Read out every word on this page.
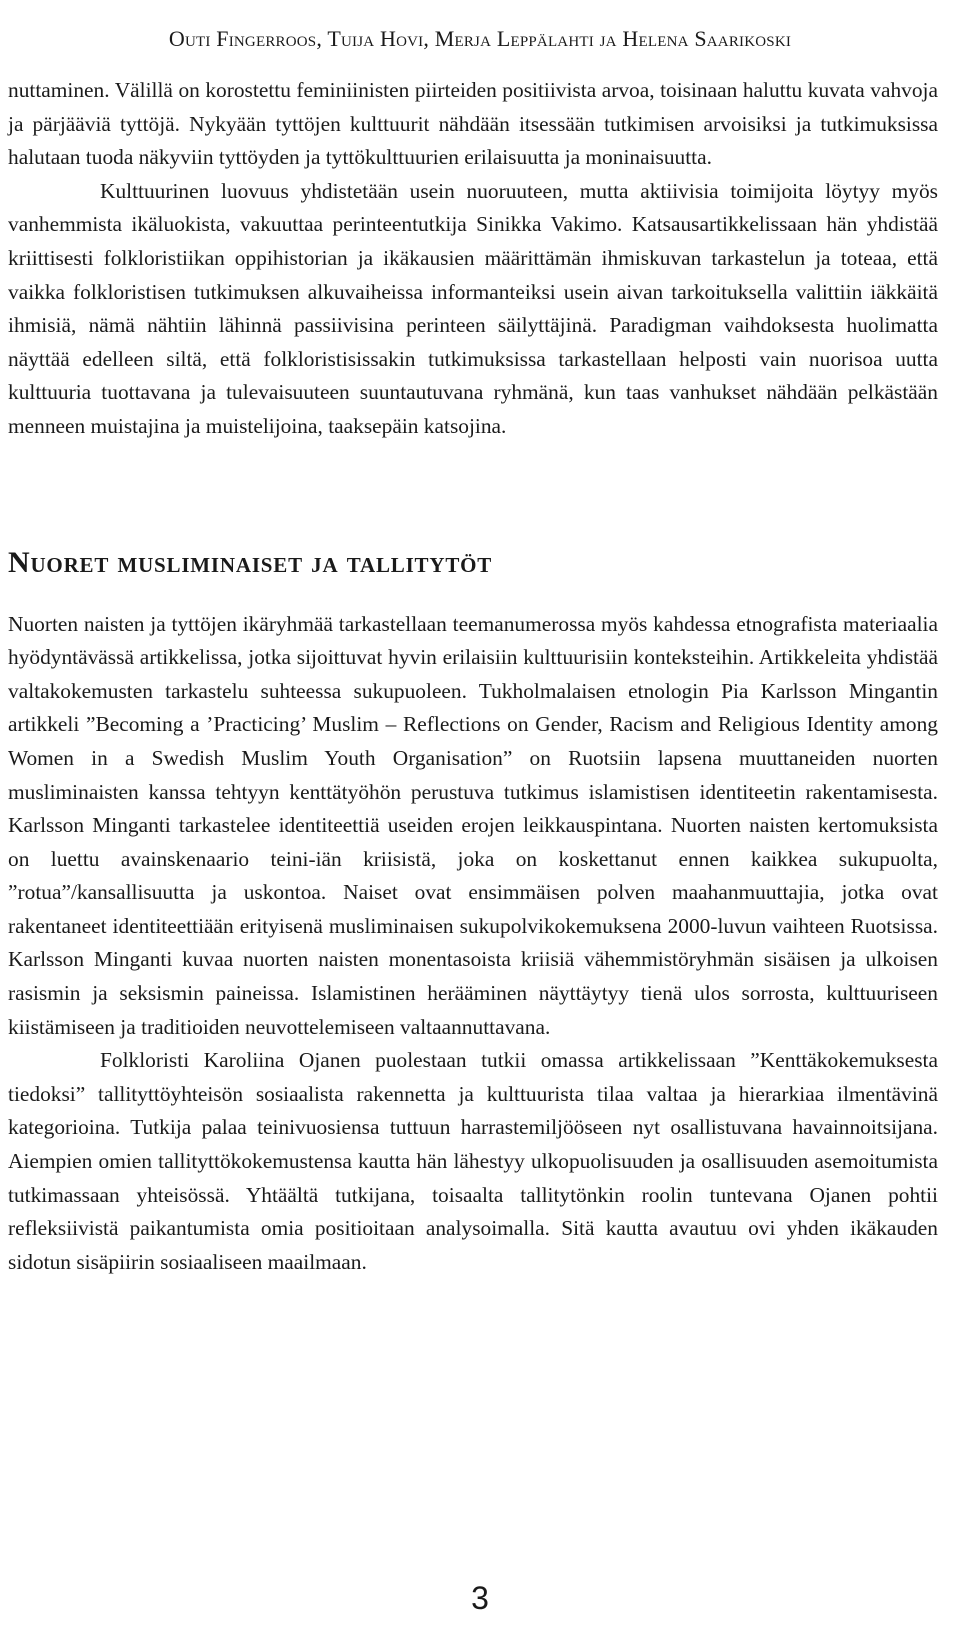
Outi Fingerroos, Tuija Hovi, Merja Leppälahti ja Helena Saarikoski

nuttaminen. Välillä on korostettu feminiinisten piirteiden positiivista arvoa, toisinaan haluttu kuvata vahvoja ja pärjääviä tyttöjä. Nykyään tyttöjen kulttuurit nähdään itsessään tutkimisen arvoisiksi ja tutkimuksissa halutaan tuoda näkyviin tyttöyden ja tyttökulttuurien erilaisuutta ja moninaisuutta.

Kulttuurinen luovuus yhdistetään usein nuoruuteen, mutta aktiivisia toimijoita löytyy myös vanhemmista ikäluokista, vakuuttaa perinteentutkija Sinikka Vakimo. Katsausartikkelissaan hän yhdistää kriittisesti folkloristiikan oppihistorian ja ikäkausien määrittämän ihmiskuvan tarkastelun ja toteaa, että vaikka folkloristisen tutkimuksen alkuvaiheissa informanteiksi usein aivan tarkoituksella valittiin iäkkäitä ihmisiä, nämä nähtiin lähinnä passiivisina perinteen säilyttäjinä. Paradigman vaihdoksesta huolimatta näyttää edelleen siltä, että folkloristisissakin tutkimuksissa tarkastellaan helposti vain nuorisoa uutta kulttuuria tuottavana ja tulevaisuuteen suuntautuvana ryhmänä, kun taas vanhukset nähdään pelkästään menneen muistajina ja muistelijoina, taaksepäin katsojina.

Nuoret musliminaiset ja tallitytöt

Nuorten naisten ja tyttöjen ikäryhmää tarkastellaan teemanumerossa myös kahdessa etnografista materiaalia hyödyntävässä artikkelissa, jotka sijoittuvat hyvin erilaisiin kulttuurisiin konteksteihin. Artikkeleita yhdistää valtakokemusten tarkastelu suhteessa sukupuoleen. Tukholmalaisen etnologin Pia Karlsson Mingantin artikkeli ”Becoming a ’Practicing’ Muslim – Reflections on Gender, Racism and Religious Identity among Women in a Swedish Muslim Youth Organisation” on Ruotsiin lapsena muuttaneiden nuorten musliminaisten kanssa tehtyyn kenttätyöhön perustuva tutkimus islamistisen identiteetin rakentamisesta. Karlsson Minganti tarkastelee identiteettiä useiden erojen leikkauspintana. Nuorten naisten kertomuksista on luettu avainskenaario teini-iän kriisistä, joka on koskettanut ennen kaikkea sukupuolta, ”rotua”/kansallisuutta ja uskontoa. Naiset ovat ensimmäisen polven maahanmuuttajia, jotka ovat rakentaneet identiteettiään erityisenä musliminaisen sukupolvikokemuksena 2000-luvun vaihteen Ruotsissa. Karlsson Minganti kuvaa nuorten naisten monentasoista kriisiä vähemmistöryhmän sisäisen ja ulkoisen rasismin ja seksismin paineissa. Islamistinen herääminen näyttäytyy tienä ulos sorrosta, kulttuuriseen kiistämiseen ja traditioiden neuvottelemiseen valtaannuttavana.

Folkloristi Karoliina Ojanen puolestaan tutkii omassa artikkelissaan ”Kenttäkokemuksesta tiedoksi” tallityttöyhteisön sosiaalista rakennetta ja kulttuurista tilaa valtaa ja hierarkiaa ilmentävinä kategorioina. Tutkija palaa teinivuosiensa tuttuun harrastemiljööseen nyt osallistuvana havainnoitsijana. Aiempien omien tallityttökokemustensa kautta hän lähestyy ulkopuolisuuden ja osallisuuden asemoitumista tutkimassaan yhteisössä. Yhtäältä tutkijana, toisaalta tallitytönkin roolin tuntevana Ojanen pohtii refleksiivistä paikantumista omia positioitaan analysoimalla. Sitä kautta avautuu ovi yhden ikäkauden sidotun sisäpiirin sosiaaliseen maailmaan.

3
